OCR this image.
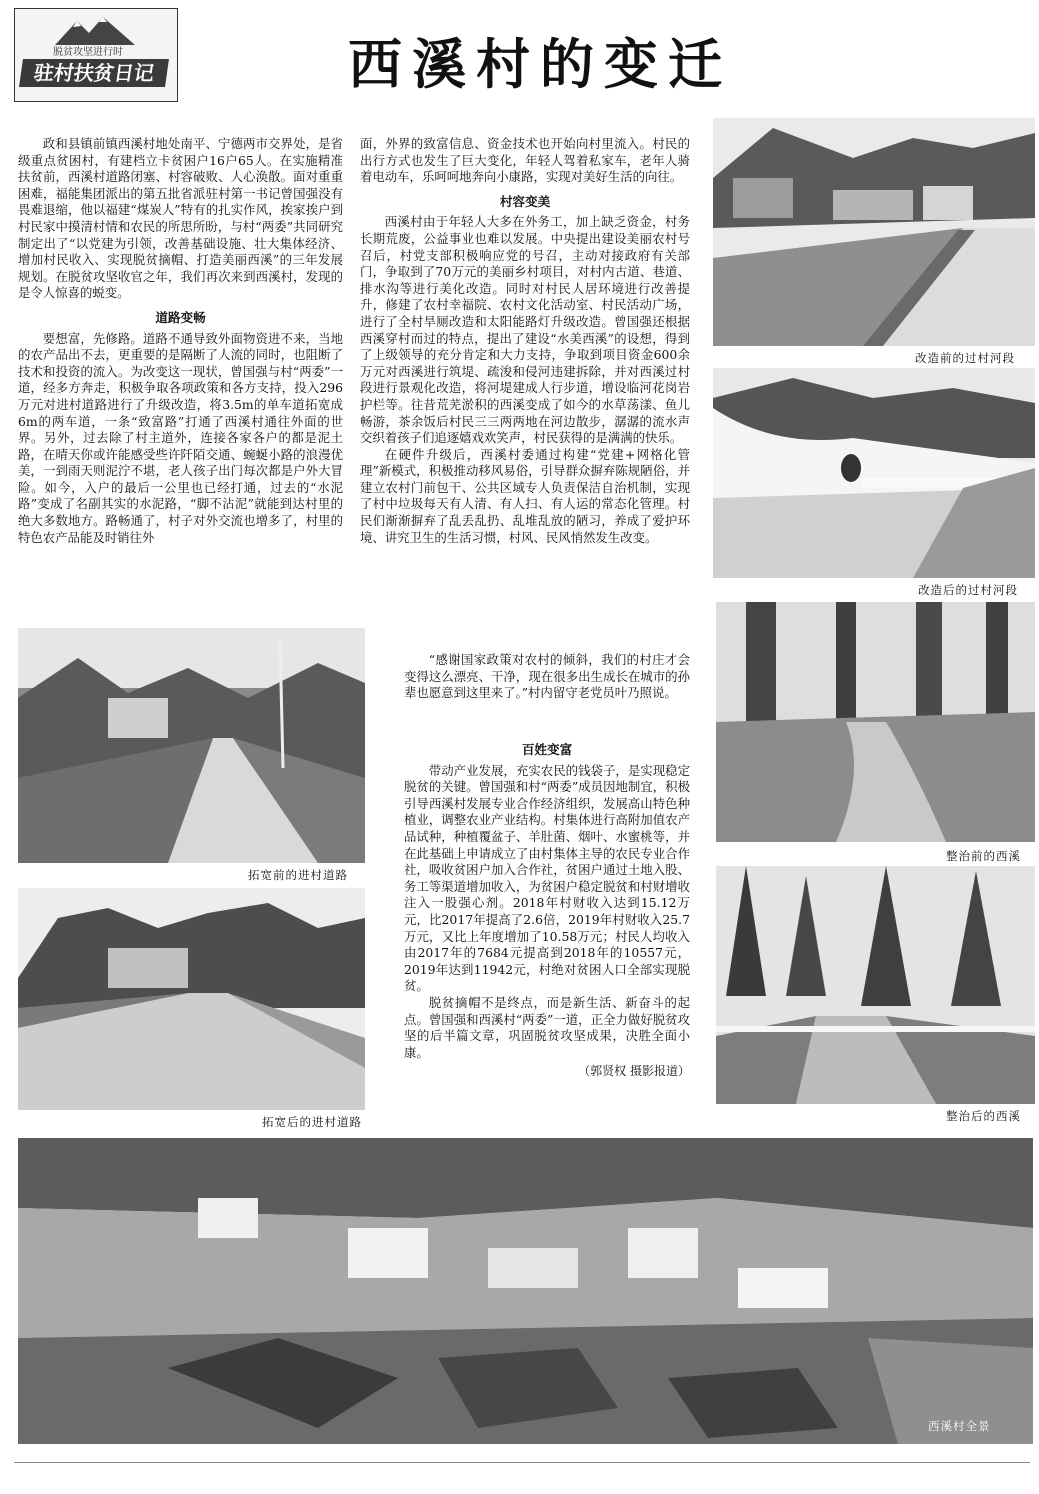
脱贫攻坚进行时
驻村扶贫日记	西溪村的变迁

政和县镇前镇西溪村地处南平、宁德两市交界处，是省级重点贫困村，有建档立卡贫困户16户65人。在实施精准扶贫前，西溪村道路闭塞、村容破败、人心涣散。面对重重困难，福能集团派出的第五批省派驻村第一书记曾国强没有畏难退缩，他以福建“煤炭人”特有的扎实作风，挨家挨户到村民家中摸清村情和农民的所思所盼，与村“两委”共同研究制定出了“以党建为引领，改善基础设施、壮大集体经济、增加村民收入、实现脱贫摘帽、打造美丽西溪”的三年发展规划。在脱贫攻坚收官之年，我们再次来到西溪村，发现的是令人惊喜的蜕变。

道路变畅

要想富，先修路。道路不通导致外面物资进不来，当地的农产品出不去，更重要的是隔断了人流的同时，也阻断了技术和投资的流入。为改变这一现状，曾国强与村“两委”一道，经多方奔走，积极争取各项政策和各方支持，投入296万元对进村道路进行了升级改造，将3.5m的单车道拓宽成6m的两车道，一条“致富路”打通了西溪村通往外面的世界。另外，过去除了村主道外，连接各家各户的都是泥土路，在晴天你或许能感受些许阡陌交通、蜿蜒小路的浪漫优美，一到雨天则泥泞不堪，老人孩子出门每次都是户外大冒险。如今，入户的最后一公里也已经打通，过去的“水泥路”变成了名副其实的水泥路，“脚不沾泥”就能到达村里的绝大多数地方。路畅通了，村子对外交流也增多了，村里的特色农产品能及时销往外

面，外界的致富信息、资金技术也开始向村里流入。村民的出行方式也发生了巨大变化，年轻人驾着私家车，老年人骑着电动车，乐呵呵地奔向小康路，实现对美好生活的向往。

村容变美

西溪村由于年轻人大多在外务工，加上缺乏资金，村务长期荒废，公益事业也难以发展。中央提出建设美丽农村号召后，村党支部积极响应党的号召，主动对接政府有关部门，争取到了70万元的美丽乡村项目，对村内古道、巷道、排水沟等进行美化改造。同时对村民人居环境进行改善提升，修建了农村幸福院、农村文化活动室、村民活动广场，进行了全村旱厕改造和太阳能路灯升级改造。曾国强还根据西溪穿村而过的特点，提出了建设“水美西溪”的设想，得到了上级领导的充分肯定和大力支持，争取到项目资金600余万元对西溪进行筑堤、疏浚和侵河违建拆除，并对西溪过村段进行景观化改造，将河堤建成人行步道，增设临河花岗岩护栏等。往昔荒芜淤积的西溪变成了如今的水草荡漾、鱼儿畅游，茶余饭后村民三三两两地在河边散步，潺潺的流水声交织着孩子们追逐嬉戏欢笑声，村民获得的是满满的快乐。

在硬件升级后，西溪村委通过构建“党建+网格化管理”新模式，积极推动移风易俗，引导群众摒弃陈规陋俗，并建立农村门前包干、公共区域专人负责保洁自治机制，实现了村中垃圾每天有人清、有人扫、有人运的常态化管理。村民们渐渐摒弃了乱丢乱扔、乱堆乱放的陋习，养成了爱护环境、讲究卫生的生活习惯，村风、民风悄然发生改变。

“感谢国家政策对农村的倾斜，我们的村庄才会变得这么漂亮、干净，现在很多出生成长在城市的孙辈也愿意到这里来了。”村内留守老党员叶乃照说。

百姓变富

带动产业发展，充实农民的钱袋子，是实现稳定脱贫的关键。曾国强和村“两委”成员因地制宜，积极引导西溪村发展专业合作经济组织，发展高山特色种植业，调整农业产业结构。村集体进行高附加值农产品试种，种植覆盆子、羊肚菌、烟叶、水蜜桃等，并在此基础上申请成立了由村集体主导的农民专业合作社，吸收贫困户加入合作社，贫困户通过土地入股、务工等渠道增加收入，为贫困户稳定脱贫和村财增收注入一股强心剂。2018年村财收入达到15.12万元，比2017年提高了2.6倍，2019年村财收入25.7万元，又比上年度增加了10.58万元；村民人均收入由2017年的7684元提高到2018年的10557元，2019年达到11942元，村绝对贫困人口全部实现脱贫。

脱贫摘帽不是终点，而是新生活、新奋斗的起点。曾国强和西溪村“两委”一道，正全力做好脱贫攻坚的后半篇文章，巩固脱贫攻坚成果，决胜全面小康。

（郭贤权 摄影报道）
拓宽前的进村道路
拓宽后的进村道路
改造前的过村河段
改造后的过村河段
整治前的西溪
整治后的西溪
西溪村全景
